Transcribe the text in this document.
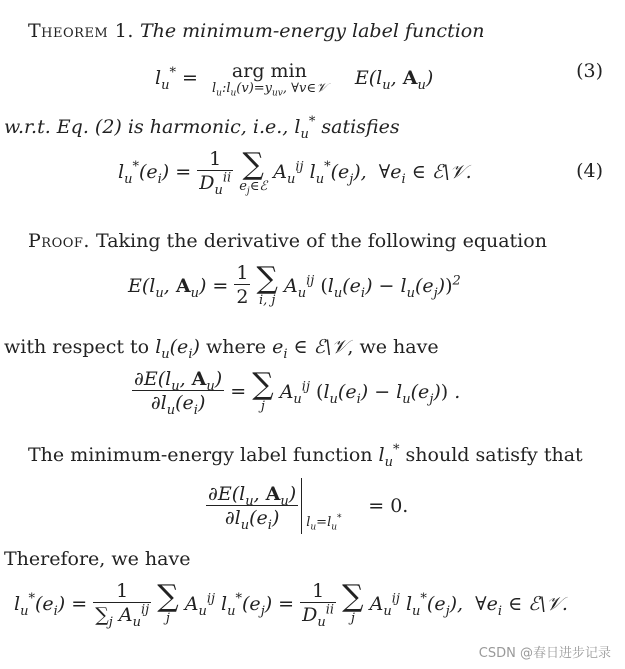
Theorem 1. The minimum-energy label function
$l_u^*$ =	arg min
$l_u:l_u(v)=y_{uv}$, ∀v∈𝒱 $E(l_u$, $A_u$)	(3)
w.r.t. Eq. (2) is harmonic, i.e., $l_u^*$ satisfies
$l_u^*(e_i) = \frac{1}{D_u^{ii}}$
∑
$e_j\in ℰ$
$A_u^{ij}$ $l_u^*(e_j)$,  $\forall e_i$ ∈ ℰ\𝒱.	(4)
Proof. Taking the derivative of the following equation
$E(l_u$, $A_u) = \frac{1}{2}$
∑
i, j
$A_u^{ij}$ $(l_u(e_i) - l_u(e_j))^2$
with respect to $l_u(e_i)$ where $e_i$ ∈ ℰ\𝒱, we have
$\frac{\partial E(l_u, A_u)}{\partial l_u(e_i)}$ = ∑
j
$A_u^{ij}$ $(l_u(e_i) - l_u(e_j))$ .
The minimum-energy label function $l_u^*$ should satisfy that
$\frac{\partial E(l_u, A_u)}{\partial l_u(e_i)} l_u=l_u^*$
= 0.
Therefore, we have
$l_u^*(e_i) = \frac{1}{\sum_j A_u^{ij}}$
∑
j
$A_u^{ij}$ $l_u^*(e_j) = \frac{1}{D_u^{ii}}$
∑
j
$A_u^{ij}$ $l_u^*(e_j)$,  $\forall e_i$ ∈ ℰ\𝒱.
CSDN @春日进步记录
